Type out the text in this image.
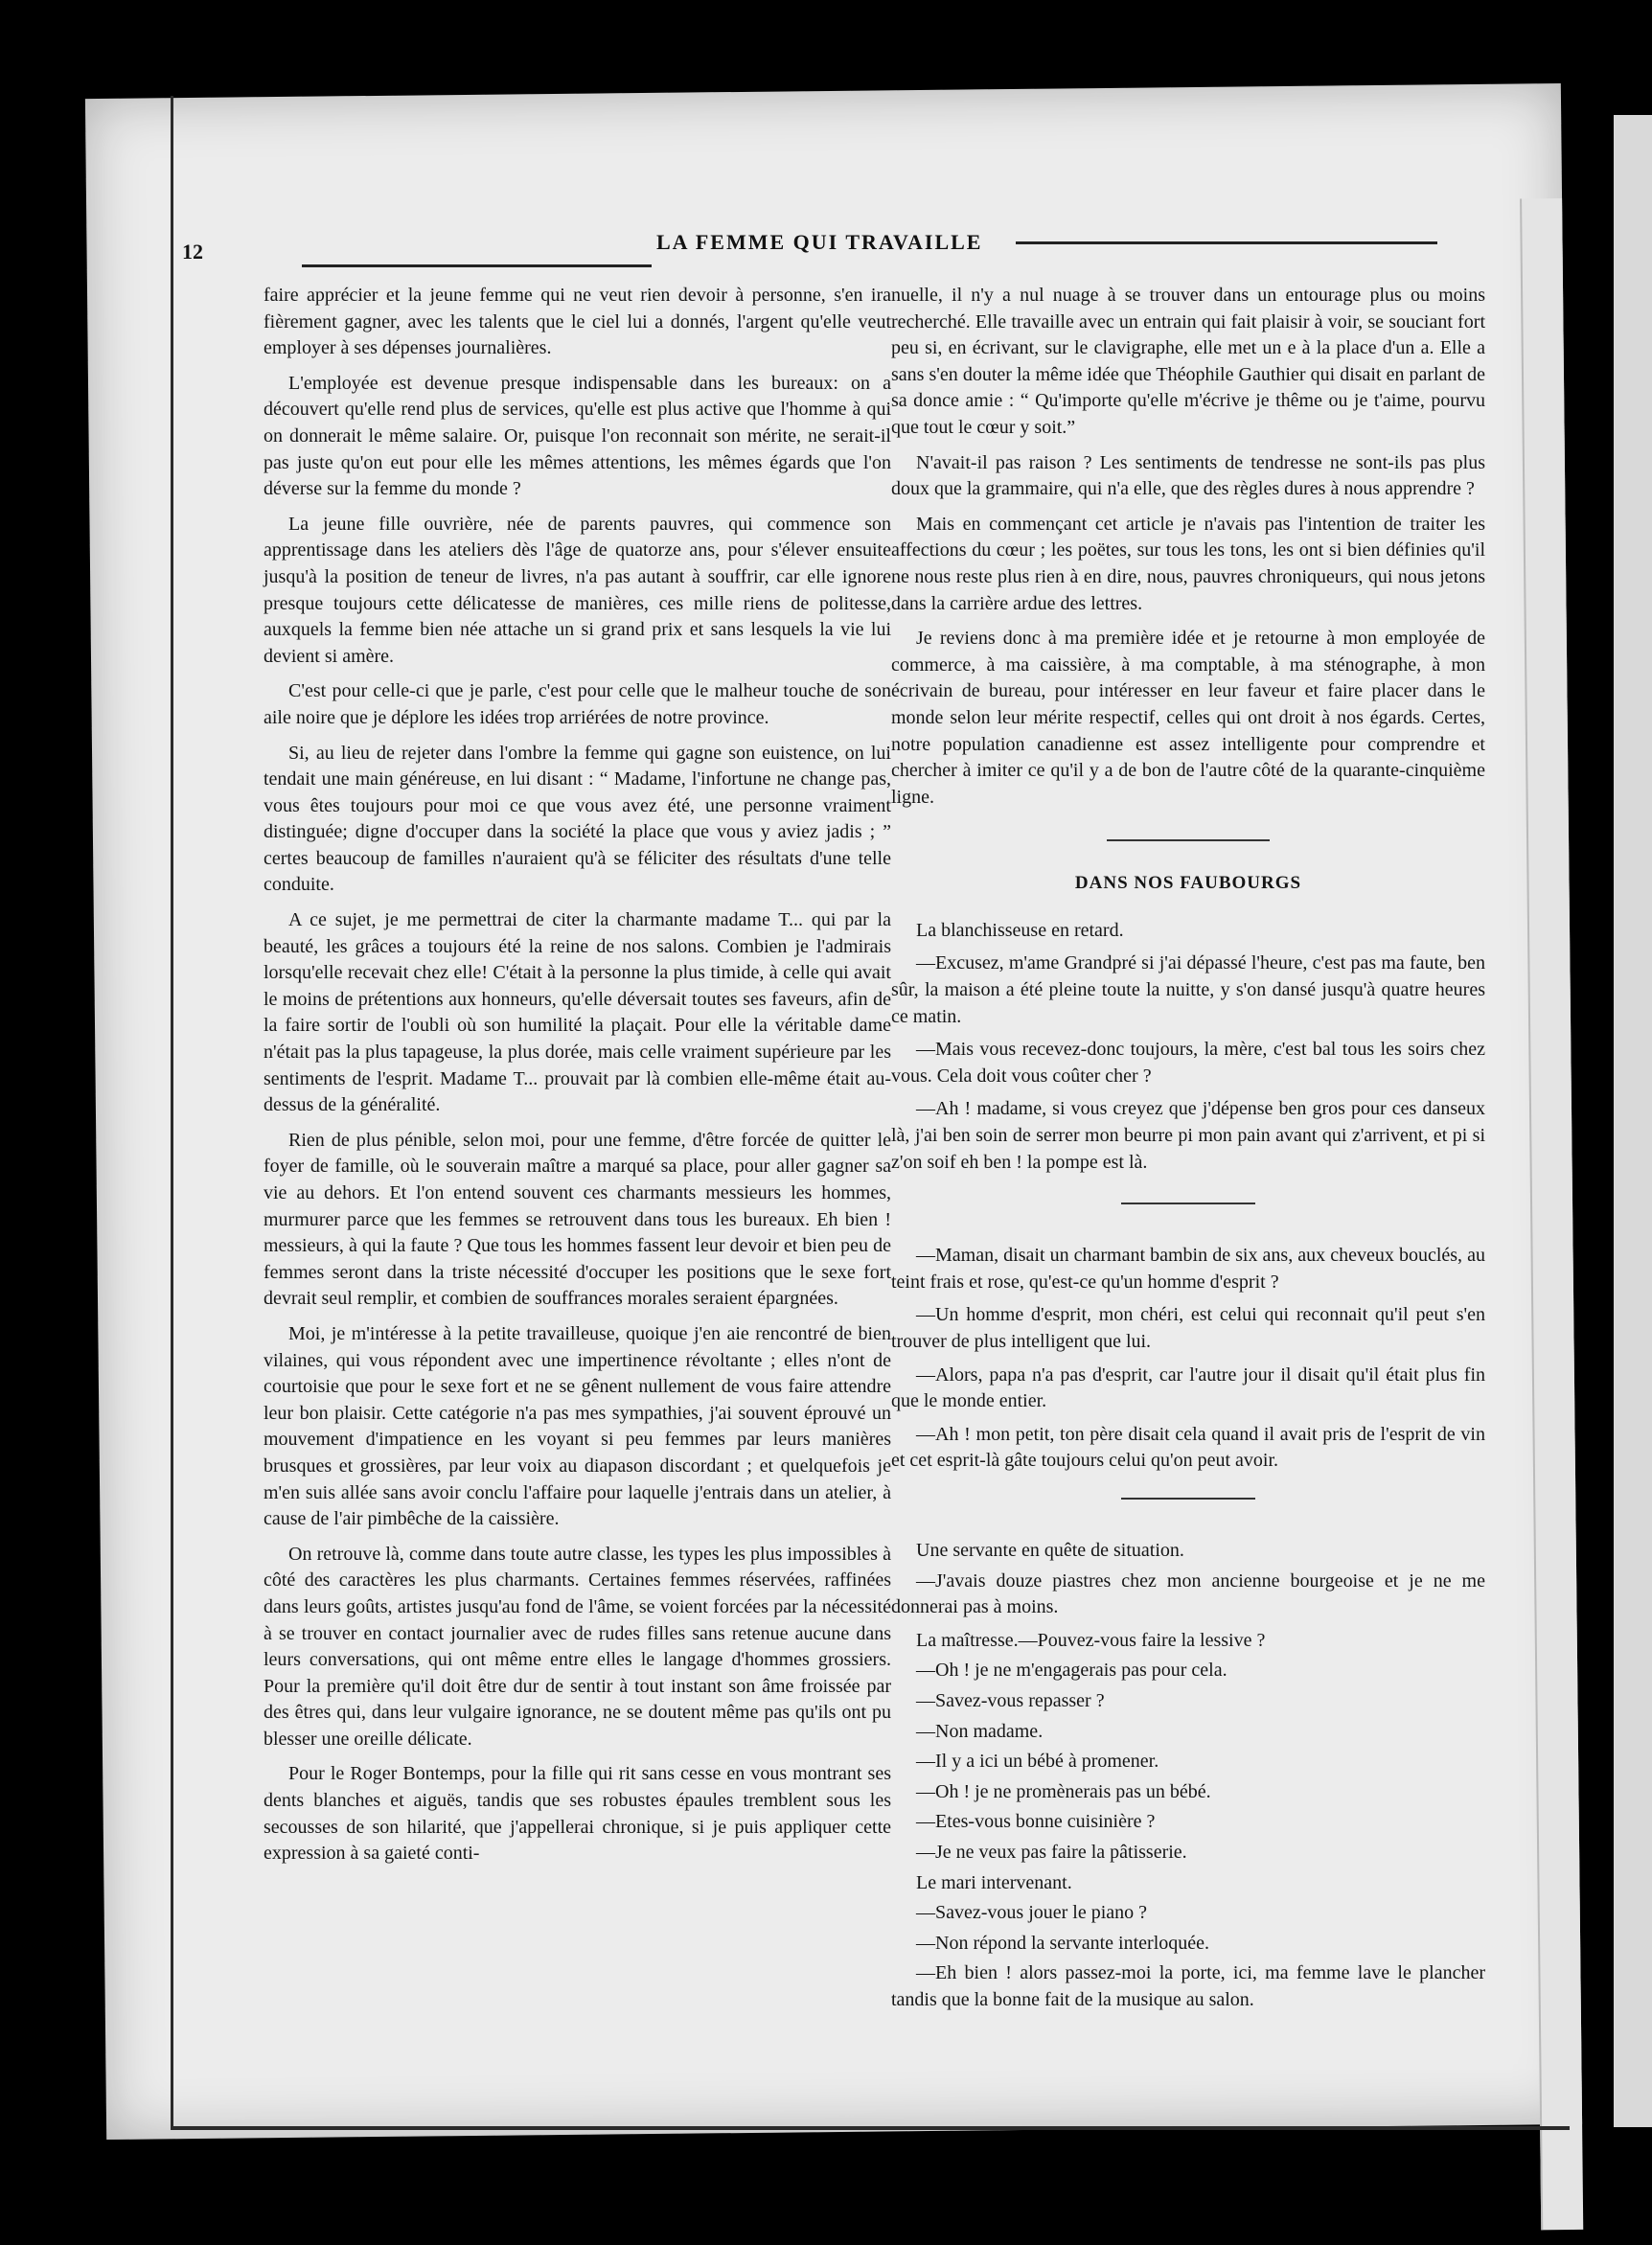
12	LA FEMME QUI TRAVAILLE

faire apprécier et la jeune femme qui ne veut rien devoir à personne, s'en ira fièrement gagner, avec les talents que le ciel lui a donnés, l'argent qu'elle veut employer à ses dépenses journalières.

L'employée est devenue presque indispensable dans les bureaux: on a découvert qu'elle rend plus de services, qu'elle est plus active que l'homme à qui on donnerait le même salaire. Or, puisque l'on reconnait son mérite, ne serait-il pas juste qu'on eut pour elle les mêmes attentions, les mêmes égards que l'on déverse sur la femme du monde ?

La jeune fille ouvrière, née de parents pauvres, qui commence son apprentissage dans les ateliers dès l'âge de quatorze ans, pour s'élever ensuite jusqu'à la position de teneur de livres, n'a pas autant à souffrir, car elle ignore presque toujours cette délicatesse de manières, ces mille riens de politesse, auxquels la femme bien née attache un si grand prix et sans lesquels la vie lui devient si amère.

C'est pour celle-ci que je parle, c'est pour celle que le malheur touche de son aile noire que je déplore les idées trop arriérées de notre province.

Si, au lieu de rejeter dans l'ombre la femme qui gagne son euistence, on lui tendait une main généreuse, en lui disant : “ Madame, l'infortune ne change pas, vous êtes toujours pour moi ce que vous avez été, une personne vraiment distinguée; digne d'occuper dans la société la place que vous y aviez jadis ; ” certes beaucoup de familles n'auraient qu'à se féliciter des résultats d'une telle conduite.

A ce sujet, je me permettrai de citer la charmante madame T... qui par la beauté, les grâces a toujours été la reine de nos salons. Combien je l'admirais lorsqu'elle recevait chez elle! C'était à la personne la plus timide, à celle qui avait le moins de prétentions aux honneurs, qu'elle déversait toutes ses faveurs, afin de la faire sortir de l'oubli où son humilité la plaçait. Pour elle la véritable dame n'était pas la plus tapageuse, la plus dorée, mais celle vraiment supérieure par les sentiments de l'esprit. Madame T... prouvait par là combien elle-même était au-dessus de la généralité.

Rien de plus pénible, selon moi, pour une femme, d'être forcée de quitter le foyer de famille, où le souverain maître a marqué sa place, pour aller gagner sa vie au dehors. Et l'on entend souvent ces charmants messieurs les hommes, murmurer parce que les femmes se retrouvent dans tous les bureaux. Eh bien ! messieurs, à qui la faute ? Que tous les hommes fassent leur devoir et bien peu de femmes seront dans la triste nécessité d'occuper les positions que le sexe fort devrait seul remplir, et combien de souffrances morales seraient épargnées.

Moi, je m'intéresse à la petite travailleuse, quoique j'en aie rencontré de bien vilaines, qui vous répondent avec une impertinence révoltante ; elles n'ont de courtoisie que pour le sexe fort et ne se gênent nullement de vous faire attendre leur bon plaisir. Cette catégorie n'a pas mes sympathies, j'ai souvent éprouvé un mouvement d'impatience en les voyant si peu femmes par leurs manières brusques et grossières, par leur voix au diapason discordant ; et quelquefois je m'en suis allée sans avoir conclu l'affaire pour laquelle j'entrais dans un atelier, à cause de l'air pimbêche de la caissière.

On retrouve là, comme dans toute autre classe, les types les plus impossibles à côté des caractères les plus charmants. Certaines femmes réservées, raffinées dans leurs goûts, artistes jusqu'au fond de l'âme, se voient forcées par la nécessité à se trouver en contact journalier avec de rudes filles sans retenue aucune dans leurs conversations, qui ont même entre elles le langage d'hommes grossiers. Pour la première qu'il doit être dur de sentir à tout instant son âme froissée par des êtres qui, dans leur vulgaire ignorance, ne se doutent même pas qu'ils ont pu blesser une oreille délicate.

Pour le Roger Bontemps, pour la fille qui rit sans cesse en vous montrant ses dents blanches et aiguës, tandis que ses robustes épaules tremblent sous les secousses de son hilarité, que j'appellerai chronique, si je puis appliquer cette expression à sa gaieté conti-

nuelle, il n'y a nul nuage à se trouver dans un entourage plus ou moins recherché. Elle travaille avec un entrain qui fait plaisir à voir, se souciant fort peu si, en écrivant, sur le clavigraphe, elle met un e à la place d'un a. Elle a sans s'en douter la même idée que Théophile Gauthier qui disait en parlant de sa donce amie : “ Qu'importe qu'elle m'écrive je thême ou je t'aime, pourvu que tout le cœur y soit.”

N'avait-il pas raison ? Les sentiments de tendresse ne sont-ils pas plus doux que la grammaire, qui n'a elle, que des règles dures à nous apprendre ?

Mais en commençant cet article je n'avais pas l'intention de traiter les affections du cœur ; les poëtes, sur tous les tons, les ont si bien définies qu'il ne nous reste plus rien à en dire, nous, pauvres chroniqueurs, qui nous jetons dans la carrière ardue des lettres.

Je reviens donc à ma première idée et je retourne à mon employée de commerce, à ma caissière, à ma comptable, à ma sténographe, à mon écrivain de bureau, pour intéresser en leur faveur et faire placer dans le monde selon leur mérite respectif, celles qui ont droit à nos égards. Certes, notre population canadienne est assez intelligente pour comprendre et chercher à imiter ce qu'il y a de bon de l'autre côté de la quarante-cinquième ligne.

DANS NOS FAUBOURGS

La blanchisseuse en retard.

—Excusez, m'ame Grandpré si j'ai dépassé l'heure, c'est pas ma faute, ben sûr, la maison a été pleine toute la nuitte, y s'on dansé jusqu'à quatre heures ce matin.

—Mais vous recevez-donc toujours, la mère, c'est bal tous les soirs chez vous. Cela doit vous coûter cher ?

—Ah ! madame, si vous creyez que j'dépense ben gros pour ces danseux là, j'ai ben soin de serrer mon beurre pi mon pain avant qui z'arrivent, et pi si z'on soif eh ben ! la pompe est là.

—Maman, disait un charmant bambin de six ans, aux cheveux bouclés, au teint frais et rose, qu'est-ce qu'un homme d'esprit ?

—Un homme d'esprit, mon chéri, est celui qui reconnait qu'il peut s'en trouver de plus intelligent que lui.

—Alors, papa n'a pas d'esprit, car l'autre jour il disait qu'il était plus fin que le monde entier.

—Ah ! mon petit, ton père disait cela quand il avait pris de l'esprit de vin et cet esprit-là gâte toujours celui qu'on peut avoir.

Une servante en quête de situation.

—J'avais douze piastres chez mon ancienne bourgeoise et je ne me donnerai pas à moins.

La maîtresse.—Pouvez-vous faire la lessive ?

—Oh ! je ne m'engagerais pas pour cela.

—Savez-vous repasser ?

—Non madame.

—Il y a ici un bébé à promener.

—Oh ! je ne promènerais pas un bébé.

—Etes-vous bonne cuisinière ?

—Je ne veux pas faire la pâtisserie.

Le mari intervenant.

—Savez-vous jouer le piano ?

—Non répond la servante interloquée.

—Eh bien ! alors passez-moi la porte, ici, ma femme lave le plancher tandis que la bonne fait de la musique au salon.
